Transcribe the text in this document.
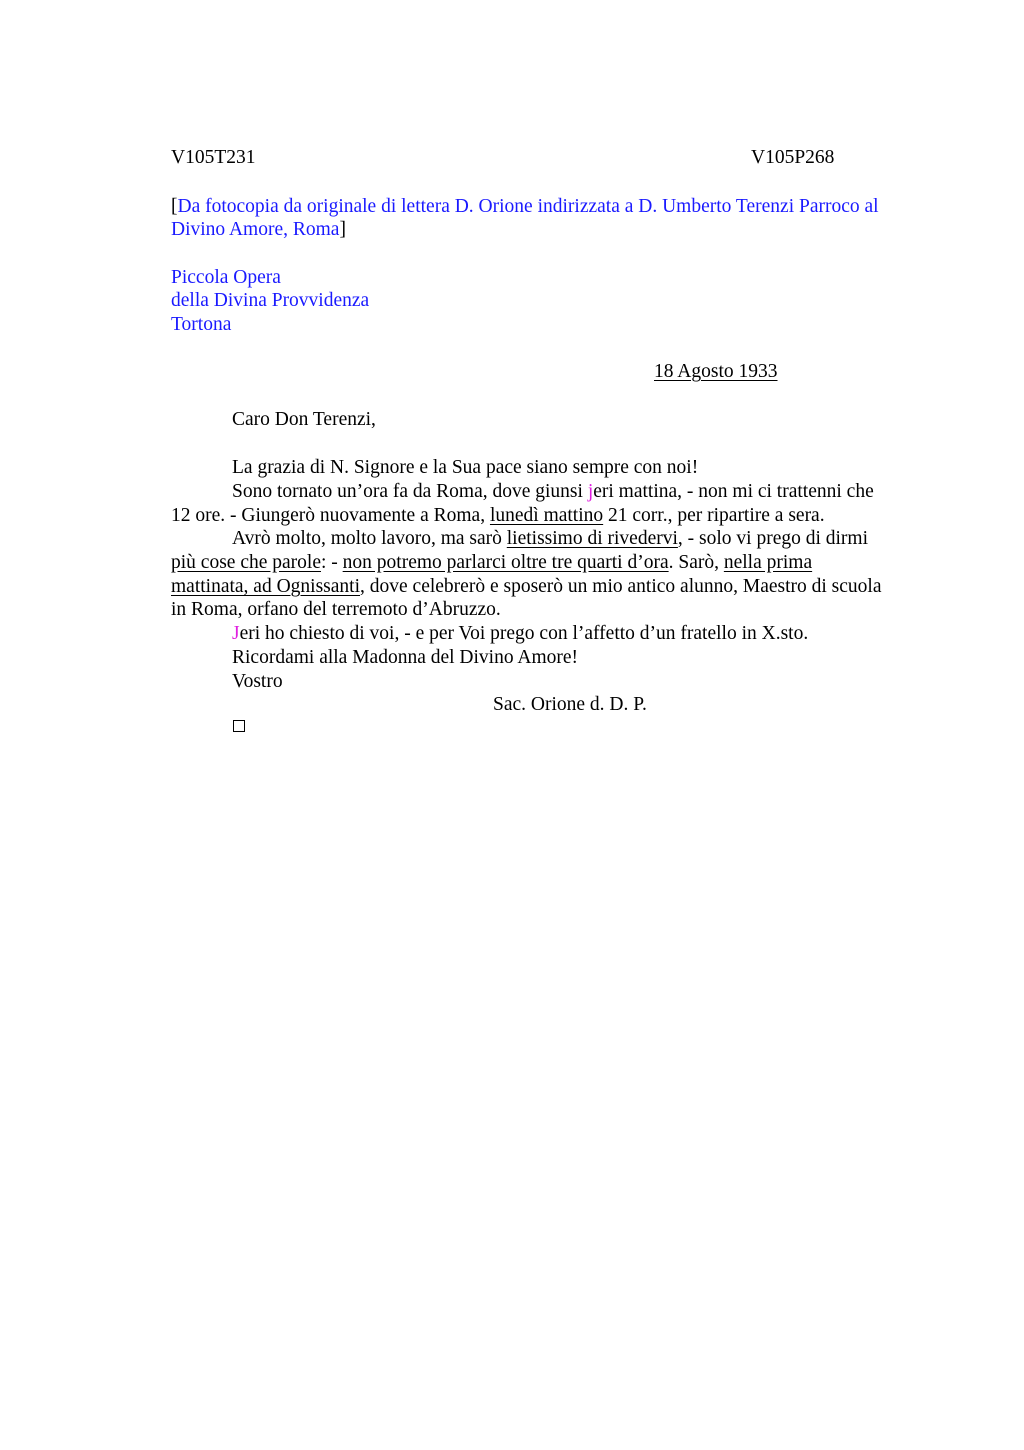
V105T231	V105P268
[Da fotocopia da originale di lettera D. Orione indirizzata a D. Umberto Terenzi Parroco al
Divino Amore, Roma]
Piccola Opera
della Divina Provvidenza
Tortona
18 Agosto 1933
Caro Don Terenzi,
La grazia di N. Signore e la Sua pace siano sempre con noi!
Sono tornato un’ora fa da Roma, dove giunsi jeri mattina, - non mi ci trattenni che
12 ore. - Giungerò nuovamente a Roma, lunedì mattino 21 corr., per ripartire a sera.
Avrò molto, molto lavoro, ma sarò lietissimo di rivedervi, - solo vi prego di dirmi
più cose che parole: - non potremo parlarci oltre tre quarti d’ora. Sarò, nella prima
mattinata, ad Ognissanti, dove celebrerò e sposerò un mio antico alunno, Maestro di scuola
in Roma, orfano del terremoto d’Abruzzo.
Jeri ho chiesto di voi, - e per Voi prego con l’affetto d’un fratello in X.sto.
Ricordami alla Madonna del Divino Amore!
Vostro
Sac. Orione d. D. P.
